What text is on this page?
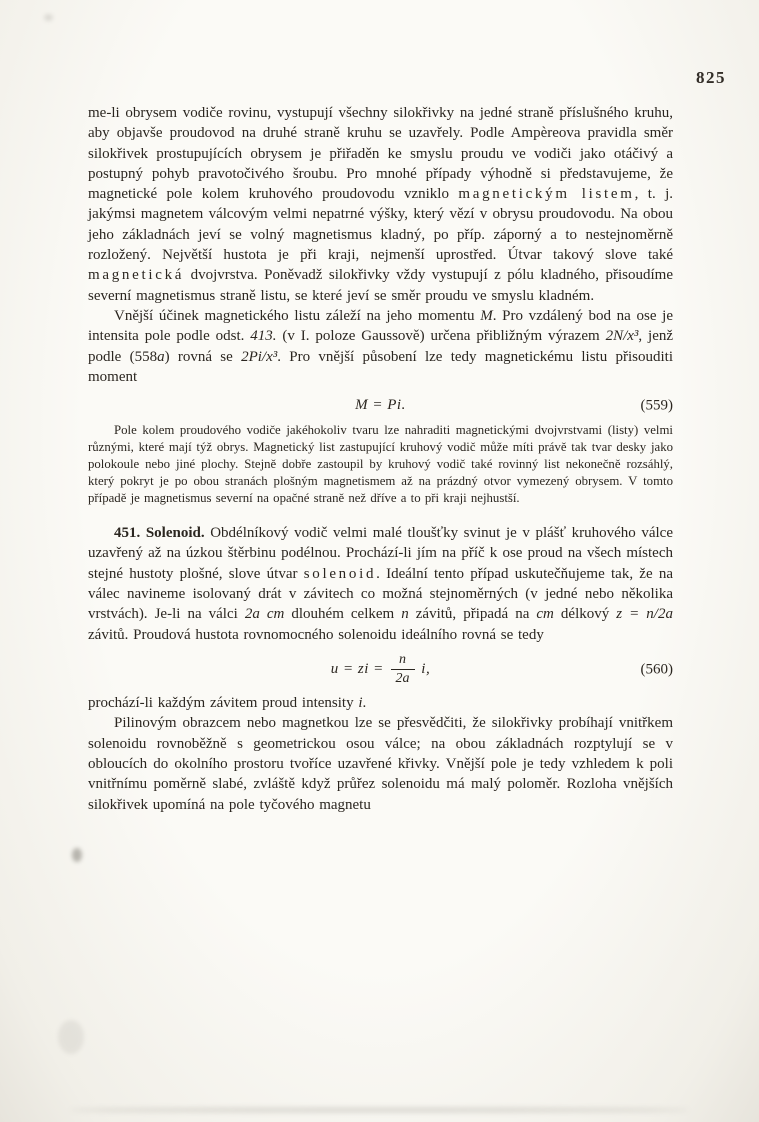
825

me-li obrysem vodiče rovinu, vystupují všechny silokřivky na jedné straně příslušného kruhu, aby objavše proudovod na druhé straně kruhu se uzavřely. Podle Ampèreova pravidla směr silokřivek prostupujících obrysem je přiřaděn ke smyslu proudu ve vodiči jako otáčivý a postupný pohyb pravotočivého šroubu. Pro mnohé případy výhodně si představujeme, že magnetické pole kolem kruhového proudovodu vzniklo magnetickým listem, t. j. jakýmsi magnetem válcovým velmi nepatrné výšky, který vězí v obrysu proudovodu. Na obou jeho základnách jeví se volný magnetismus kladný, po příp. záporný a to nestejnoměrně rozložený. Největší hustota je při kraji, nejmenší uprostřed. Útvar takový slove také magnetická dvojvrstva. Poněvadž silokřivky vždy vystupují z pólu kladného, přisoudíme severní magnetismus straně listu, se které jeví se směr proudu ve smyslu kladném.

Vnější účinek magnetického listu záleží na jeho momentu M. Pro vzdálený bod na ose je intensita pole podle odst. 413. (v I. poloze Gaussově) určena přibližným výrazem 2N/x³, jenž podle (558a) rovná se 2Pi/x³. Pro vnější působení lze tedy magnetickému listu přisouditi moment

M = Pi.	(559)

Pole kolem proudového vodiče jakéhokoliv tvaru lze nahraditi magnetickými dvojvrstvami (listy) velmi různými, které mají týž obrys. Magnetický list zastupující kruhový vodič může míti právě tak tvar desky jako polokoule nebo jiné plochy. Stejně dobře zastoupil by kruhový vodič také rovinný list nekonečně rozsáhlý, který pokryt je po obou stranách plošným magnetismem až na prázdný otvor vymezený obrysem. V tomto případě je magnetismus severní na opačné straně než dříve a to při kraji nejhustší.

451. Solenoid. Obdélníkový vodič velmi malé tloušťky svinut je v plášť kruhového válce uzavřený až na úzkou štěrbinu podélnou. Prochází-li jím na příč k ose proud na všech místech stejné hustoty plošné, slove útvar solenoid. Ideální tento případ uskutečňujeme tak, že na válec navineme isolovaný drát v závitech co možná stejnoměrných (v jedné nebo několika vrstvách). Je-li na válci 2a cm dlouhém celkem n závitů, připadá na cm délkový z = n/2a závitů. Proudová hustota rovnomocného solenoidu ideálního rovná se tedy

u = zi = $\frac{n}{2a} i$,	(560)

prochází-li každým závitem proud intensity i.

Pilinovým obrazcem nebo magnetkou lze se přesvědčiti, že silokřivky probíhají vnitřkem solenoidu rovnoběžně s geometrickou osou válce; na obou základnách rozptylují se v obloucích do okolního prostoru tvoříce uzavřené křivky. Vnější pole je tedy vzhledem k poli vnitřnímu poměrně slabé, zvláště když průřez solenoidu má malý poloměr. Rozloha vnějších silokřivek upomíná na pole tyčového magnetu
